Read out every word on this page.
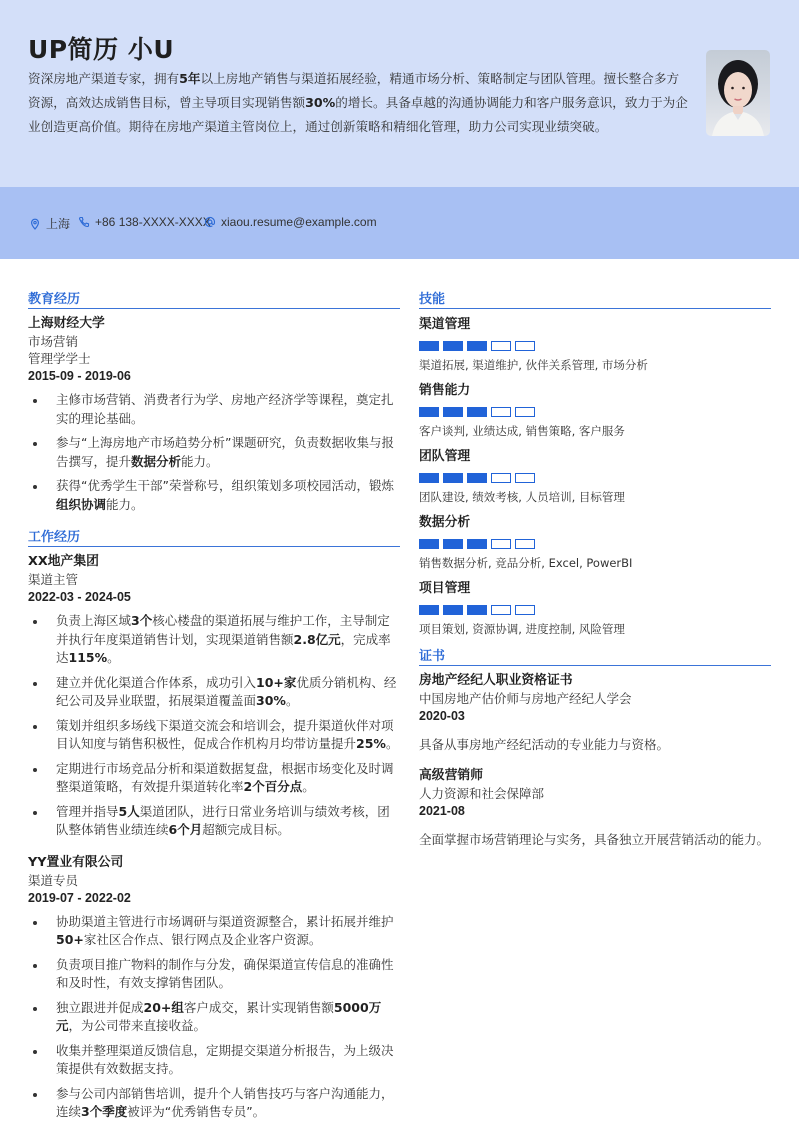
UP简历 小U
资深房地产渠道专家，拥有5年以上房地产销售与渠道拓展经验，精通市场分析、策略制定与团队管理。擅长整合多方资源，高效达成销售目标，曾主导项目实现销售额30%的增长。具备卓越的沟通协调能力和客户服务意识，致力于为企业创造更高价值。期待在房地产渠道主管岗位上，通过创新策略和精细化管理，助力公司实现业绩突破。
上海 +86 138-XXXX-XXXX xiaou.resume@example.com
教育经历
上海财经大学
市场营销
管理学学士
2015-09 - 2019-06
主修市场营销、消费者行为学、房地产经济学等课程，奠定扎实的理论基础。
参与“上海房地产市场趋势分析”课题研究，负责数据收集与报告撰写，提升数据分析能力。
获得“优秀学生干部”荣誉称号，组织策划多项校园活动，锻炼组织协调能力。
工作经历
XX地产集团
渠道主管
2022-03 - 2024-05
负责上海区域3个核心楼盘的渠道拓展与维护工作，主导制定并执行年度渠道销售计划，实现渠道销售额2.8亿元，完成率达115%。
建立并优化渠道合作体系，成功引入10+家优质分销机构、经纪公司及异业联盟，拓展渠道覆盖面30%。
策划并组织多场线下渠道交流会和培训会，提升渠道伙伴对项目认知度与销售积极性，促成合作机构月均带访量提升25%。
定期进行市场竞品分析和渠道数据复盘，根据市场变化及时调整渠道策略，有效提升渠道转化率2个百分点。
管理并指导5人渠道团队，进行日常业务培训与绩效考核，团队整体销售业绩连续6个月超额完成目标。
YY置业有限公司
渠道专员
2019-07 - 2022-02
协助渠道主管进行市场调研与渠道资源整合，累计拓展并维护50+家社区合作点、银行网点及企业客户资源。
负责项目推广物料的制作与分发，确保渠道宣传信息的准确性和及时性，有效支撑销售团队。
独立跟进并促成20+组客户成交，累计实现销售额5000万元，为公司带来直接收益。
收集并整理渠道反馈信息，定期提交渠道分析报告，为上级决策提供有效数据支持。
参与公司内部销售培训，提升个人销售技巧与客户沟通能力，连续3个季度被评为“优秀销售专员”。
技能
渠道管理
渠道拓展, 渠道维护, 伙伴关系管理, 市场分析
销售能力
客户谈判, 业绩达成, 销售策略, 客户服务
团队管理
团队建设, 绩效考核, 人员培训, 目标管理
数据分析
销售数据分析, 竞品分析, Excel, PowerBI
项目管理
项目策划, 资源协调, 进度控制, 风险管理
证书
房地产经纪人职业资格证书
中国房地产估价师与房地产经纪人学会
2020-03
具备从事房地产经纪活动的专业能力与资格。
高级营销师
人力资源和社会保障部
2021-08
全面掌握市场营销理论与实务，具备独立开展营销活动的能力。
